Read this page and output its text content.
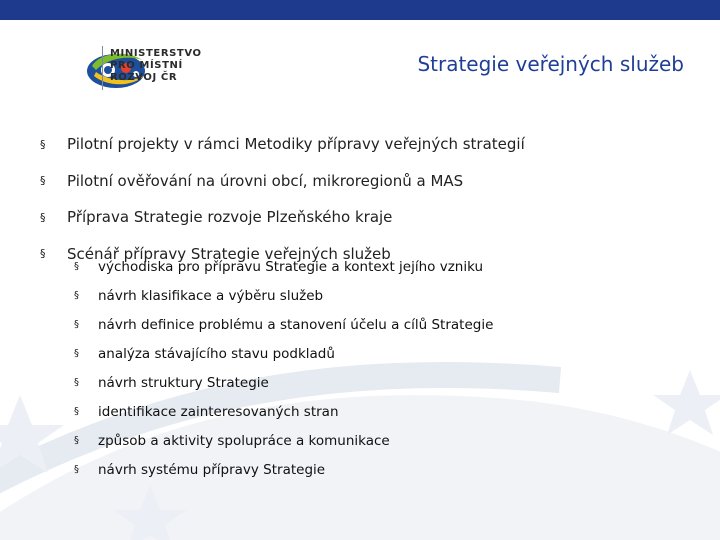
MINISTERSTVO
PRO MÍSTNÍ
ROZVOJ ČR
Strategie veřejných služeb
§	Pilotní projekty v rámci Metodiky přípravy veřejných strategií
§	Pilotní ověřování na úrovni obcí, mikroregionů a MAS
§	Příprava Strategie rozvoje Plzeňského kraje
§	Scénář přípravy Strategie veřejných služeb
§	východiska pro přípravu Strategie a kontext jejího vzniku
§	návrh klasifikace a výběru služeb
§	návrh definice problému a stanovení účelu a cílů Strategie
§	analýza stávajícího stavu podkladů
§	návrh struktury Strategie
§	identifikace zainteresovaných stran
§	způsob a aktivity spolupráce a komunikace
§	návrh systému přípravy Strategie
